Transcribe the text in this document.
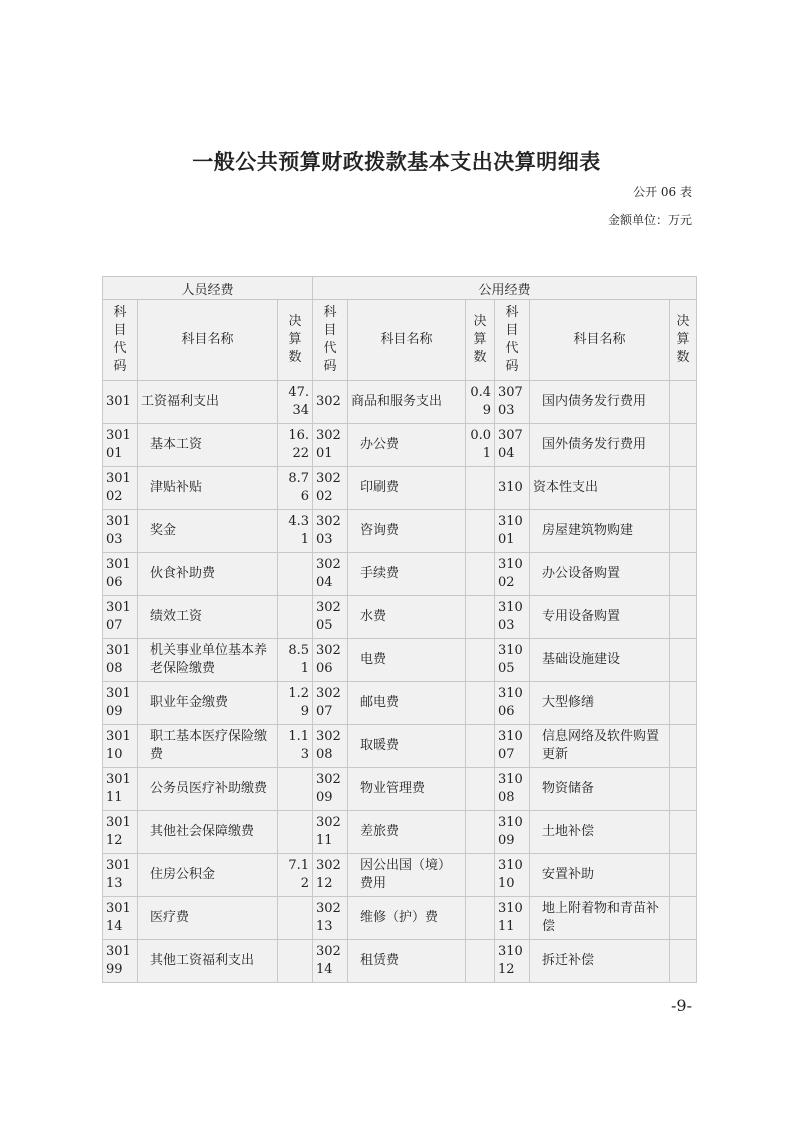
一般公共预算财政拨款基本支出决算明细表
公开 06 表
金额单位：万元
人员经费			公用经费					
科目代码	科目名称	决算数	科目代码	科目名称	决算数	科目代码	科目名称	决算数
301	工资福利支出	47.34	302	商品和服务支出	0.49	30703	国内债务发行费用	
30101	基本工资	16.22	30201	办公费	0.01	30704	国外债务发行费用	
30102	津贴补贴	8.76	30202	印刷费		310	资本性支出	
30103	奖金	4.31	30203	咨询费		31001	房屋建筑物购建	
30106	伙食补助费		30204	手续费		31002	办公设备购置	
30107	绩效工资		30205	水费		31003	专用设备购置	
30108	机关事业单位基本养老保险缴费	8.51	30206	电费		31005	基础设施建设	
30109	职业年金缴费	1.29	30207	邮电费		31006	大型修缮	
30110	职工基本医疗保险缴费	1.13	30208	取暖费		31007	信息网络及软件购置更新	
30111	公务员医疗补助缴费		30209	物业管理费		31008	物资储备	
30112	其他社会保障缴费		30211	差旅费		31009	土地补偿	
30113	住房公积金	7.12	30212	因公出国（境）费用		31010	安置补助	
30114	医疗费		30213	维修（护）费		31011	地上附着物和青苗补偿	
30199	其他工资福利支出		30214	租赁费		31012	拆迁补偿	
-9-
